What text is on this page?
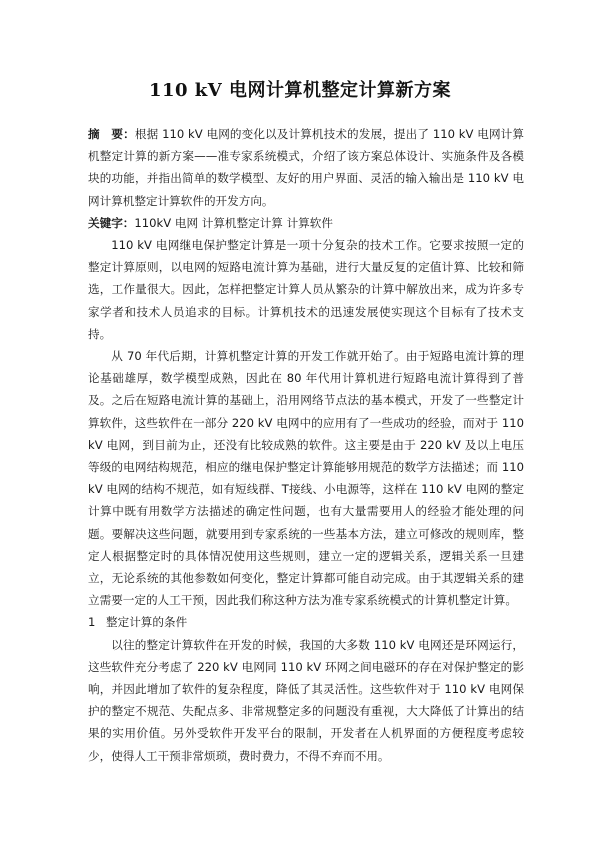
110 kV 电网计算机整定计算新方案

摘　要：根据 110 kV 电网的变化以及计算机技术的发展，提出了 110 kV 电网计算机整定计算的新方案——准专家系统模式，介绍了该方案总体设计、实施条件及各模块的功能，并指出简单的数学模型、友好的用户界面、灵活的输入输出是 110 kV 电网计算机整定计算软件的开发方向。

关键字：110kV 电网 计算机整定计算 计算软件

110 kV 电网继电保护整定计算是一项十分复杂的技术工作。它要求按照一定的整定计算原则，以电网的短路电流计算为基础，进行大量反复的定值计算、比较和筛选，工作量很大。因此，怎样把整定计算人员从繁杂的计算中解放出来，成为许多专家学者和技术人员追求的目标。计算机技术的迅速发展使实现这个目标有了技术支持。

从 70 年代后期，计算机整定计算的开发工作就开始了。由于短路电流计算的理论基础雄厚，数学模型成熟，因此在 80 年代用计算机进行短路电流计算得到了普及。之后在短路电流计算的基础上，沿用网络节点法的基本模式，开发了一些整定计算软件，这些软件在一部分 220 kV 电网中的应用有了一些成功的经验，而对于 110 kV 电网，到目前为止，还没有比较成熟的软件。这主要是由于 220 kV 及以上电压等级的电网结构规范，相应的继电保护整定计算能够用规范的数学方法描述；而 110 kV 电网的结构不规范，如有短线群、T接线、小电源等，这样在 110 kV 电网的整定计算中既有用数学方法描述的确定性问题，也有大量需要用人的经验才能处理的问题。要解决这些问题，就要用到专家系统的一些基本方法，建立可修改的规则库，整定人根据整定时的具体情况使用这些规则，建立一定的逻辑关系，逻辑关系一旦建立，无论系统的其他参数如何变化，整定计算都可能自动完成。由于其逻辑关系的建立需要一定的人工干预，因此我们称这种方法为准专家系统模式的计算机整定计算。

1 整定计算的条件

以往的整定计算软件在开发的时候，我国的大多数 110 kV 电网还是环网运行，这些软件充分考虑了 220 kV 电网同 110 kV 环网之间电磁环的存在对保护整定的影响，并因此增加了软件的复杂程度，降低了其灵活性。这些软件对于 110 kV 电网保护的整定不规范、失配点多、非常规整定多的问题没有重视，大大降低了计算出的结果的实用价值。另外受软件开发平台的限制，开发者在人机界面的方便程度考虑较少，使得人工干预非常烦琐，费时费力，不得不弃而不用。
